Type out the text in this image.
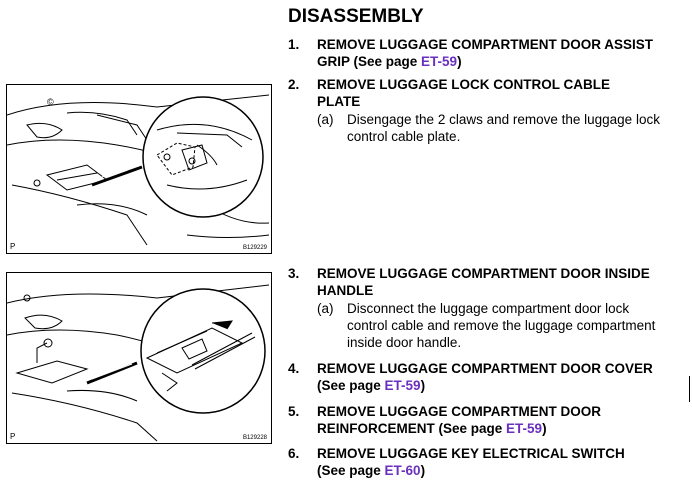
©
P	B129229
P	B129228
DISASSEMBLY
1. REMOVE LUGGAGE COMPARTMENT DOOR ASSIST
GRIP (See page ET-59)
2. REMOVE LUGGAGE LOCK CONTROL CABLE
PLATE
(a) Disengage the 2 claws and remove the luggage lock
control cable plate.
3. REMOVE LUGGAGE COMPARTMENT DOOR INSIDE
HANDLE
(a) Disconnect the luggage compartment door lock
control cable and remove the luggage compartment
inside door handle.
4. REMOVE LUGGAGE COMPARTMENT DOOR COVER
(See page ET-59)
5. REMOVE LUGGAGE COMPARTMENT DOOR
REINFORCEMENT (See page ET-59)
6. REMOVE LUGGAGE KEY ELECTRICAL SWITCH
(See page ET-60)
